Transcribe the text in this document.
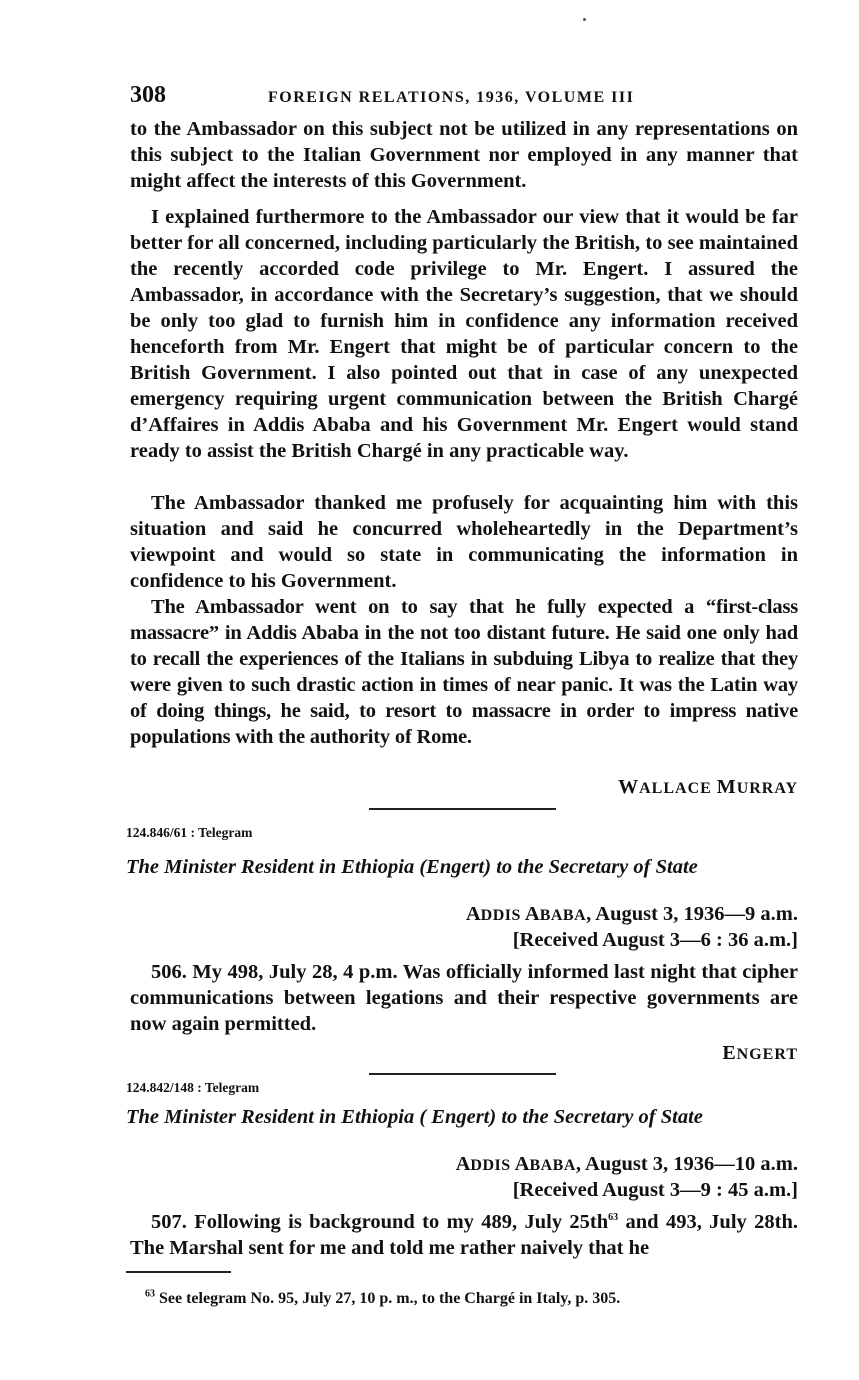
308	FOREIGN RELATIONS, 1936, VOLUME III

to the Ambassador on this subject not be utilized in any representations on this subject to the Italian Government nor employed in any manner that might affect the interests of this Government.

I explained furthermore to the Ambassador our view that it would be far better for all concerned, including particularly the British, to see maintained the recently accorded code privilege to Mr. Engert. I assured the Ambassador, in accordance with the Secretary’s suggestion, that we should be only too glad to furnish him in confidence any information received henceforth from Mr. Engert that might be of particular concern to the British Government. I also pointed out that in case of any unexpected emergency requiring urgent communication between the British Chargé d’Affaires in Addis Ababa and his Government Mr. Engert would stand ready to assist the British Chargé in any practicable way.

The Ambassador thanked me profusely for acquainting him with this situation and said he concurred wholeheartedly in the Department’s viewpoint and would so state in communicating the information in confidence to his Government.

The Ambassador went on to say that he fully expected a “first-class massacre” in Addis Ababa in the not too distant future. He said one only had to recall the experiences of the Italians in subduing Libya to realize that they were given to such drastic action in times of near panic. It was the Latin way of doing things, he said, to resort to massacre in order to impress native populations with the authority of Rome.

WALLACE MURRAY
124.846/61 : Telegram
The Minister Resident in Ethiopia (Engert) to the Secretary of State
ADDIS ABABA, August 3, 1936—9 a.m.
[Received August 3—6 : 36 a.m.]

506. My 498, July 28, 4 p.m. Was officially informed last night that cipher communications between legations and their respective governments are now again permitted.

ENGERT
124.842/148 : Telegram
The Minister Resident in Ethiopia ( Engert) to the Secretary of State
ADDIS ABABA, August 3, 1936—10 a.m.
[Received August 3—9 : 45 a.m.]

507. Following is background to my 489, July $25th^{63}$ and 493, July 28th. The Marshal sent for me and told me rather naively that he

$^{63}$ See telegram No. 95, July 27, 10 p. m., to the Chargé in Italy, p. 305.
